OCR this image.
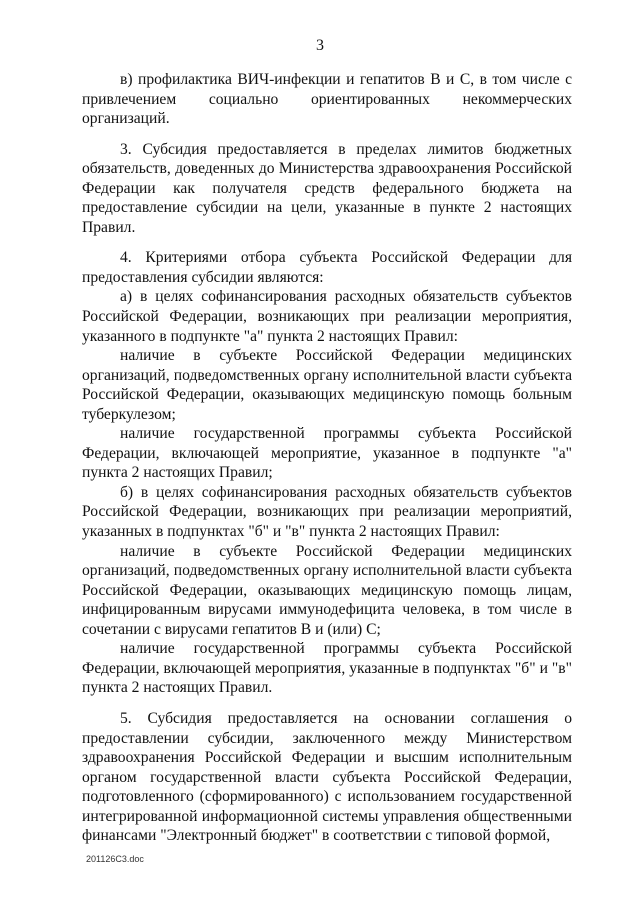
3

в) профилактика ВИЧ-инфекции и гепатитов В и С, в том числе с привлечением социально ориентированных некоммерческих организаций.

3. Субсидия предоставляется в пределах лимитов бюджетных обязательств, доведенных до Министерства здравоохранения Российской Федерации как получателя средств федерального бюджета на предоставление субсидии на цели, указанные в пункте 2 настоящих Правил.

4. Критериями отбора субъекта Российской Федерации для предоставления субсидии являются:

а) в целях софинансирования расходных обязательств субъектов Российской Федерации, возникающих при реализации мероприятия, указанного в подпункте "а" пункта 2 настоящих Правил:

наличие в субъекте Российской Федерации медицинских организаций, подведомственных органу исполнительной власти субъекта Российской Федерации, оказывающих медицинскую помощь больным туберкулезом;

наличие государственной программы субъекта Российской Федерации, включающей мероприятие, указанное в подпункте "а" пункта 2 настоящих Правил;

б) в целях софинансирования расходных обязательств субъектов Российской Федерации, возникающих при реализации мероприятий, указанных в подпунктах "б" и "в" пункта 2 настоящих Правил:

наличие в субъекте Российской Федерации медицинских организаций, подведомственных органу исполнительной власти субъекта Российской Федерации, оказывающих медицинскую помощь лицам, инфицированным вирусами иммунодефицита человека, в том числе в сочетании с вирусами гепатитов В и (или) С;

наличие государственной программы субъекта Российской Федерации, включающей мероприятия, указанные в подпунктах "б" и "в" пункта 2 настоящих Правил.

5. Субсидия предоставляется на основании соглашения о предоставлении субсидии, заключенного между Министерством здравоохранения Российской Федерации и высшим исполнительным органом государственной власти субъекта Российской Федерации, подготовленного (сформированного) с использованием государственной интегрированной информационной системы управления общественными финансами "Электронный бюджет" в соответствии с типовой формой,

201126С3.doc
